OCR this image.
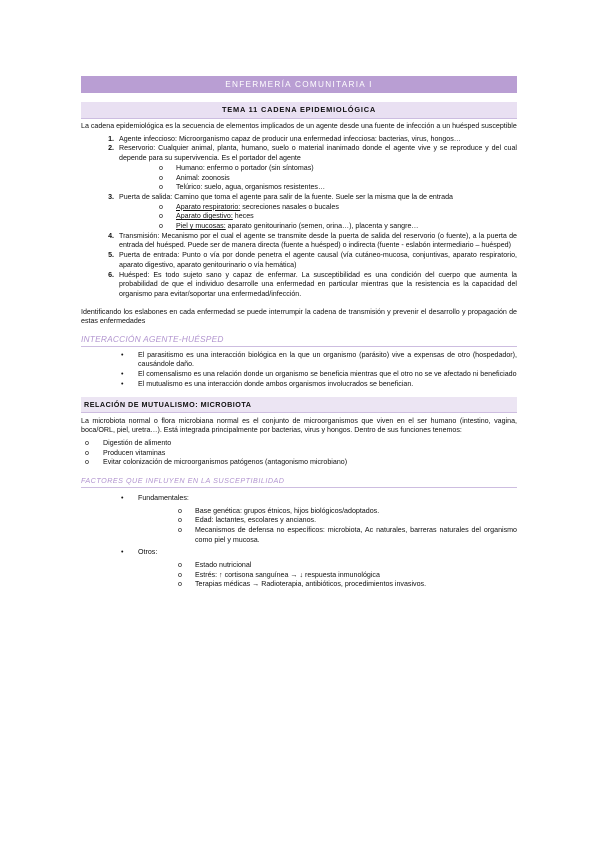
ENFERMERÍA COMUNITARIA I
TEMA 11 CADENA EPIDEMIOLÓGICA

La cadena epidemiológica es la secuencia de elementos implicados de un agente desde una fuente de infección a un huésped susceptible

1. Agente infeccioso: Microorganismo capaz de producir una enfermedad infecciosa: bacterias, virus, hongos…
2. Reservorio: Cualquier animal, planta, humano, suelo o material inanimado donde el agente vive y se reproduce y del cual depende para su supervivencia. Es el portador del agente
o Humano: enfermo o portador (sin síntomas)
o Animal: zoonosis
o Telúrico: suelo, agua, organismos resistentes…
3. Puerta de salida: Camino que toma el agente para salir de la fuente. Suele ser la misma que la de entrada
o Aparato respiratorio: secreciones nasales o bucales
o Aparato digestivo: heces
o Piel y mucosas: aparato genitourinario (semen, orina…), placenta y sangre…
4. Transmisión: Mecanismo por el cual el agente se transmite desde la puerta de salida del reservorio (o fuente), a la puerta de entrada del huésped. Puede ser de manera directa (fuente a huésped) o indirecta (fuente - eslabón intermediario – huésped)
5. Puerta de entrada: Punto o vía por donde penetra el agente causal (vía cutáneo-mucosa, conjuntivas, aparato respiratorio, aparato digestivo, aparato genitourinario o vía hemática)
6. Huésped: Es todo sujeto sano y capaz de enfermar. La susceptibilidad es una condición del cuerpo que aumenta la probabilidad de que el individuo desarrolle una enfermedad en particular mientras que la resistencia es la capacidad del organismo para evitar/soportar una enfermedad/infección.

Identificando los eslabones en cada enfermedad se puede interrumpir la cadena de transmisión y prevenir el desarrollo y propagación de estas enfermedades

INTERACCIÓN AGENTE-HUÉSPED
• El parasitismo es una interacción biológica en la que un organismo (parásito) vive a expensas de otro (hospedador), causándole daño.
• El comensalismo es una relación donde un organismo se beneficia mientras que el otro no se ve afectado ni beneficiado
• El mutualismo es una interacción donde ambos organismos involucrados se benefician.
RELACIÓN DE MUTUALISMO: MICROBIOTA

La microbiota normal o flora microbiana normal es el conjunto de microorganismos que viven en el ser humano (intestino, vagina, boca/ORL, piel, uretra…). Está integrada principalmente por bacterias, virus y hongos. Dentro de sus funciones tenemos:

o Digestión de alimento
o Producen vitaminas
o Evitar colonización de microorganismos patógenos (antagonismo microbiano)
FACTORES QUE INFLUYEN EN LA SUSCEPTIBILIDAD
• Fundamentales:
o Base genética: grupos étnicos, hijos biológicos/adoptados.
o Edad: lactantes, escolares y ancianos.
o Mecanismos de defensa no específicos: microbiota, Ac naturales, barreras naturales del organismo como piel y mucosa.
• Otros:
o Estado nutricional
o Estrés: ↑ cortisona sanguínea → ↓ respuesta inmunológica
o Terapias médicas → Radioterapia, antibióticos, procedimientos invasivos.
